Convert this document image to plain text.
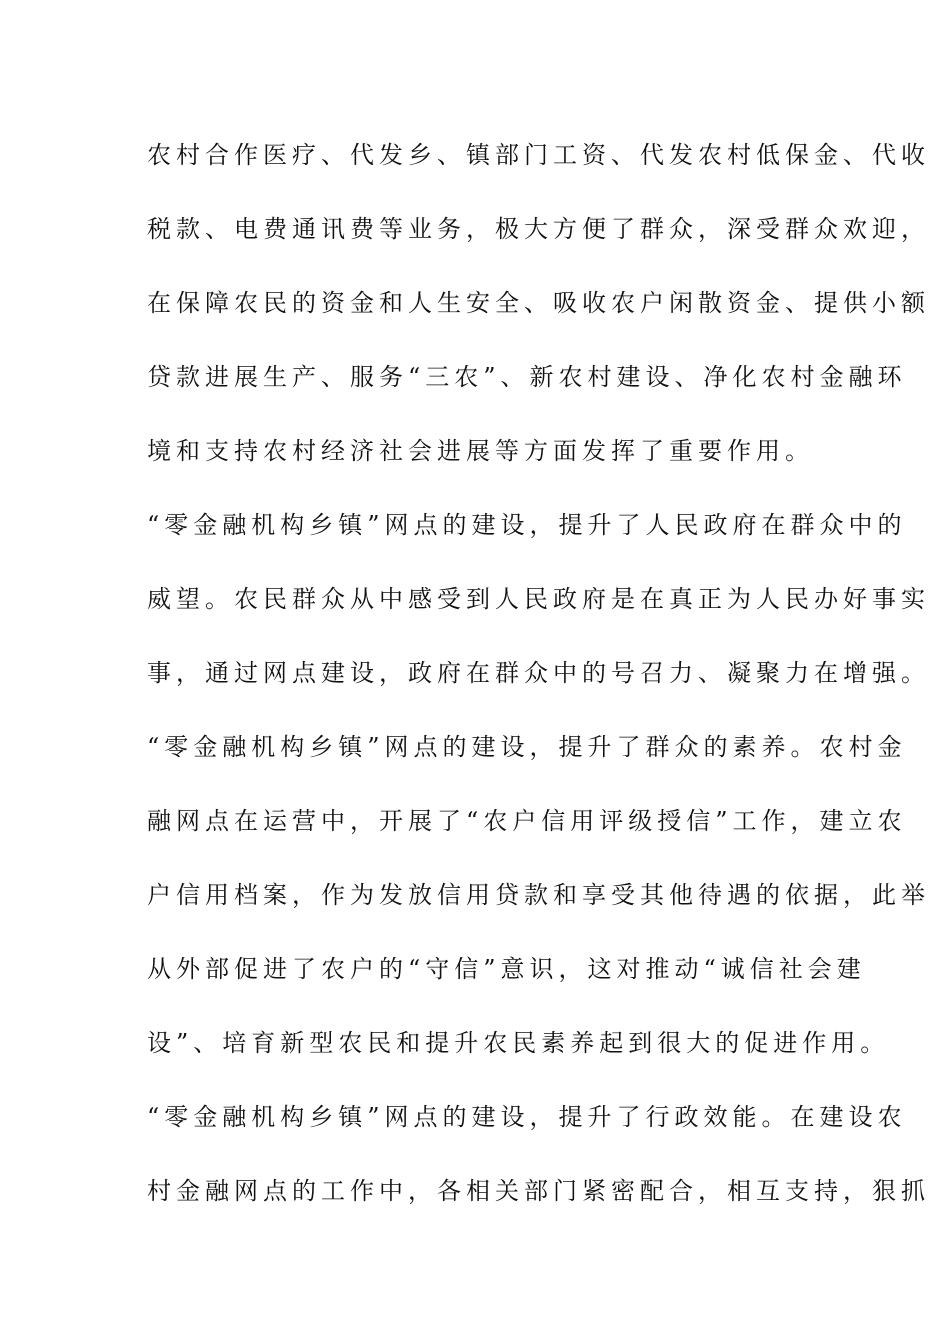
农村合作医疗、代发乡、镇部门工资、代发农村低保金、代收
税款、电费通讯费等业务，极大方便了群众，深受群众欢迎，
在保障农民的资金和人生安全、吸收农户闲散资金、提供小额
贷款进展生产、服务“三农”、新农村建设、净化农村金融环
境和支持农村经济社会进展等方面发挥了重要作用。
“零金融机构乡镇”网点的建设，提升了人民政府在群众中的
威望。农民群众从中感受到人民政府是在真正为人民办好事实
事，通过网点建设，政府在群众中的号召力、凝聚力在增强。
“零金融机构乡镇”网点的建设，提升了群众的素养。农村金
融网点在运营中，开展了“农户信用评级授信”工作，建立农
户信用档案，作为发放信用贷款和享受其他待遇的依据，此举
从外部促进了农户的“守信”意识，这对推动“诚信社会建
设”、培育新型农民和提升农民素养起到很大的促进作用。
“零金融机构乡镇”网点的建设，提升了行政效能。在建设农
村金融网点的工作中，各相关部门紧密配合，相互支持，狠抓
